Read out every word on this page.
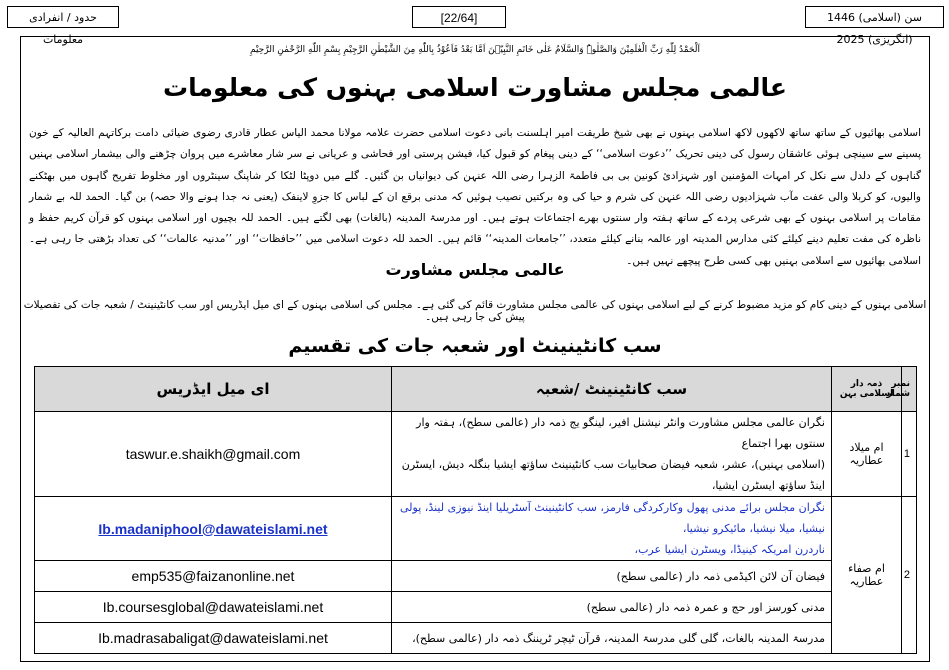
حدود / انفرادی معلومات
[22/64]	سن (اسلامی) 1446 (انگریزی) 2025
اَلْحَمْدُ لِلّٰهِ رَبِّ الْعٰلَمِیْنَ وَالصَّلٰوۃُ وَالسَّلَامُ عَلٰی خَاتَمِ النَّبِیّٖنَ اَمَّا بَعْدُ فَاَعُوْذُ بِاللّٰهِ مِنَ الشَّیْطٰنِ الرَّجِیْمِ بِسْمِ اللّٰهِ الرَّحْمٰنِ الرَّحِیْمِ
عالمی مجلس مشاورت اسلامی بہنوں کی معلومات
اسلامی بھائیوں کے ساتھ ساتھ لاکھوں لاکھ اسلامی بہنوں نے بھی شیخ طریقت امیر اہلسنت بانی دعوت اسلامی حضرت علامہ مولانا محمد الیاس عطار قادری رضوی ضیائی دامت برکاتہم العالیہ کے خون پسینے سے سینچی ہوئی عاشقان رسول کی دینی تحریک ’’دعوت اسلامی‘‘ کے دینی پیغام کو قبول کیا، فیشن پرستی اور فحاشی و عریانی نے سر شار معاشرے میں پروان چڑھنے والی بیشمار اسلامی بہنیں گناہوں کے دلدل سے نکل کر امہات المؤمنین اور شہزادیٔ کونین بی بی فاطمۃ الزہرا رضی اللہ عنہن کی دیوانیاں بن گئیں۔ گلے میں دوپٹا لٹکا کر شاپنگ سینٹروں اور مخلوط تفریح گاہوں میں بھٹکنے والیوں، کو کربلا والی عفت مآب شہزادیوں رضی اللہ عنہن کی شرم و حیا کی وہ برکتیں نصیب ہوئیں کہ مدنی برقع ان کے لباس کا جزوِ لاینفک (یعنی نہ جدا ہونے والا حصہ) بن گیا۔ الحمد للہ بے شمار مقامات پر اسلامی بہنوں کے بھی شرعی پردے کے ساتھ ہفتہ وار سنتوں بھرے اجتماعات ہوتے ہیں۔ اور مدرسۃ المدینہ (بالغات) بھی لگتے ہیں۔ الحمد للہ بچیوں اور اسلامی بہنوں کو قرآن کریم حفظ و ناظرہ کی مفت تعلیم دینے کیلئے کئی مدارس المدینہ اور عالمہ بنانے کیلئے متعدد، ’’جامعات المدینہ‘‘ قائم ہیں۔ الحمد للہ دعوت اسلامی میں ’’حافظات‘‘ اور ’’مدنیہ عالمات‘‘ کی تعداد بڑھتی جا رہی ہے۔ اسلامی بھائیوں سے اسلامی بہنیں بھی کسی طرح پیچھے نہیں ہیں۔
عالمی مجلس مشاورت
اسلامی بہنوں کے دینی کام کو مزید مضبوط کرنے کے لیے اسلامی بہنوں کی عالمی مجلس مشاورت قائم کی گئی ہے۔ مجلس کی اسلامی بہنوں کے ای میل ایڈریس اور سب کانٹینینٹ / شعبہ جات کی تفصیلات پیش کی جا رہی ہیں۔
سب کانٹینینٹ اور شعبہ جات کی تقسیم
نمبر شمار	ذمہ دار اسلامی بہن	سب کانٹینینٹ /شعبہ	ای میل ایڈریس
1	ام میلاد عطاریہ	نگران عالمی مجلس مشاورت وانٹر نیشنل افیر، لینگو یج ذمہ دار (عالمی سطح)، ہفتہ وار سنتوں بھرا اجتماع
(اسلامی بہنیں)، عشر، شعبہ فیضان صحابیات سب کانٹینینٹ ساؤتھ ایشیا بنگلہ دیش، ایسٹرن اینڈ ساؤتھ ایسٹرن ایشیا،	taswur.e.shaikh@gmail.com
2	ام صفاء عطاریہ	نگران مجلس برائے مدنی پھول وکارکردگی فارمز، سب کانٹینینٹ آسٹریلیا اینڈ نیوزی لینڈ، پولی نیشیا، میلا نیشیا، مائیکرو نیشیا،
ناردرن امریکہ کینیڈا، ویسٹرن ایشیا عرب،	Ib.madaniphool@dawateislami.net
		فیضان آن لائن اکیڈمی ذمہ دار (عالمی سطح)	emp535@faizanonline.net
		مدنی کورسز اور حج و عمرہ ذمہ دار (عالمی سطح)	Ib.coursesglobal@dawateislami.net
		مدرسۃ المدینہ بالغات، گلی گلی مدرسۃ المدینہ، قرآن ٹیچر ٹریننگ ذمہ دار (عالمی سطح)،	Ib.madrasabaligat@dawateislami.net
